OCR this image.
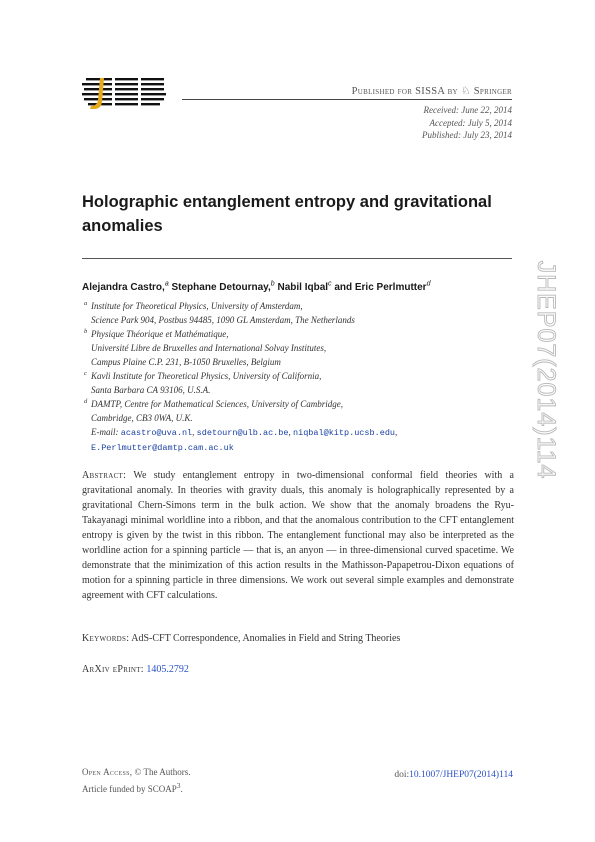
Published for SISSA by ♘ Springer
Received: June 22, 2014
Accepted: July 5, 2014
Published: July 23, 2014
Holographic entanglement entropy and gravitational
anomalies
Alejandra Castro,$^a$ Stephane Detournay,$^b$ Nabil Iqbal$^c$ and Eric Perlmutter$^d$
a Institute for Theoretical Physics, University of Amsterdam,
Science Park 904, Postbus 94485, 1090 GL Amsterdam, The Netherlands
b Physique Théorique et Mathématique,
Université Libre de Bruxelles and International Solvay Institutes,
Campus Plaine C.P. 231, B-1050 Bruxelles, Belgium
c Kavli Institute for Theoretical Physics, University of California,
Santa Barbara CA 93106, U.S.A.
d DAMTP, Centre for Mathematical Sciences, University of Cambridge,
Cambridge, CB3 0WA, U.K.
E-mail: acastro@uva.nl, sdetourn@ulb.ac.be, niqbal@kitp.ucsb.edu,
E.Perlmutter@damtp.cam.ac.uk
Abstract: We study entanglement entropy in two-dimensional conformal field theories with a gravitational anomaly. In theories with gravity duals, this anomaly is holographically represented by a gravitational Chern-Simons term in the bulk action. We show that the anomaly broadens the Ryu-Takayanagi minimal worldline into a ribbon, and that the anomalous contribution to the CFT entanglement entropy is given by the twist in this ribbon. The entanglement functional may also be interpreted as the worldline action for a spinning particle — that is, an anyon — in three-dimensional curved spacetime. We demonstrate that the minimization of this action results in the Mathisson-Papapetrou-Dixon equations of motion for a spinning particle in three dimensions. We work out several simple examples and demonstrate agreement with CFT calculations.
Keywords: AdS-CFT Correspondence, Anomalies in Field and String Theories
ArXiv ePrint: 1405.2792
JHEP07(2014)114
Open Access, © The Authors.
Article funded by SCOAP$^3$.
doi:10.1007/JHEP07(2014)114
